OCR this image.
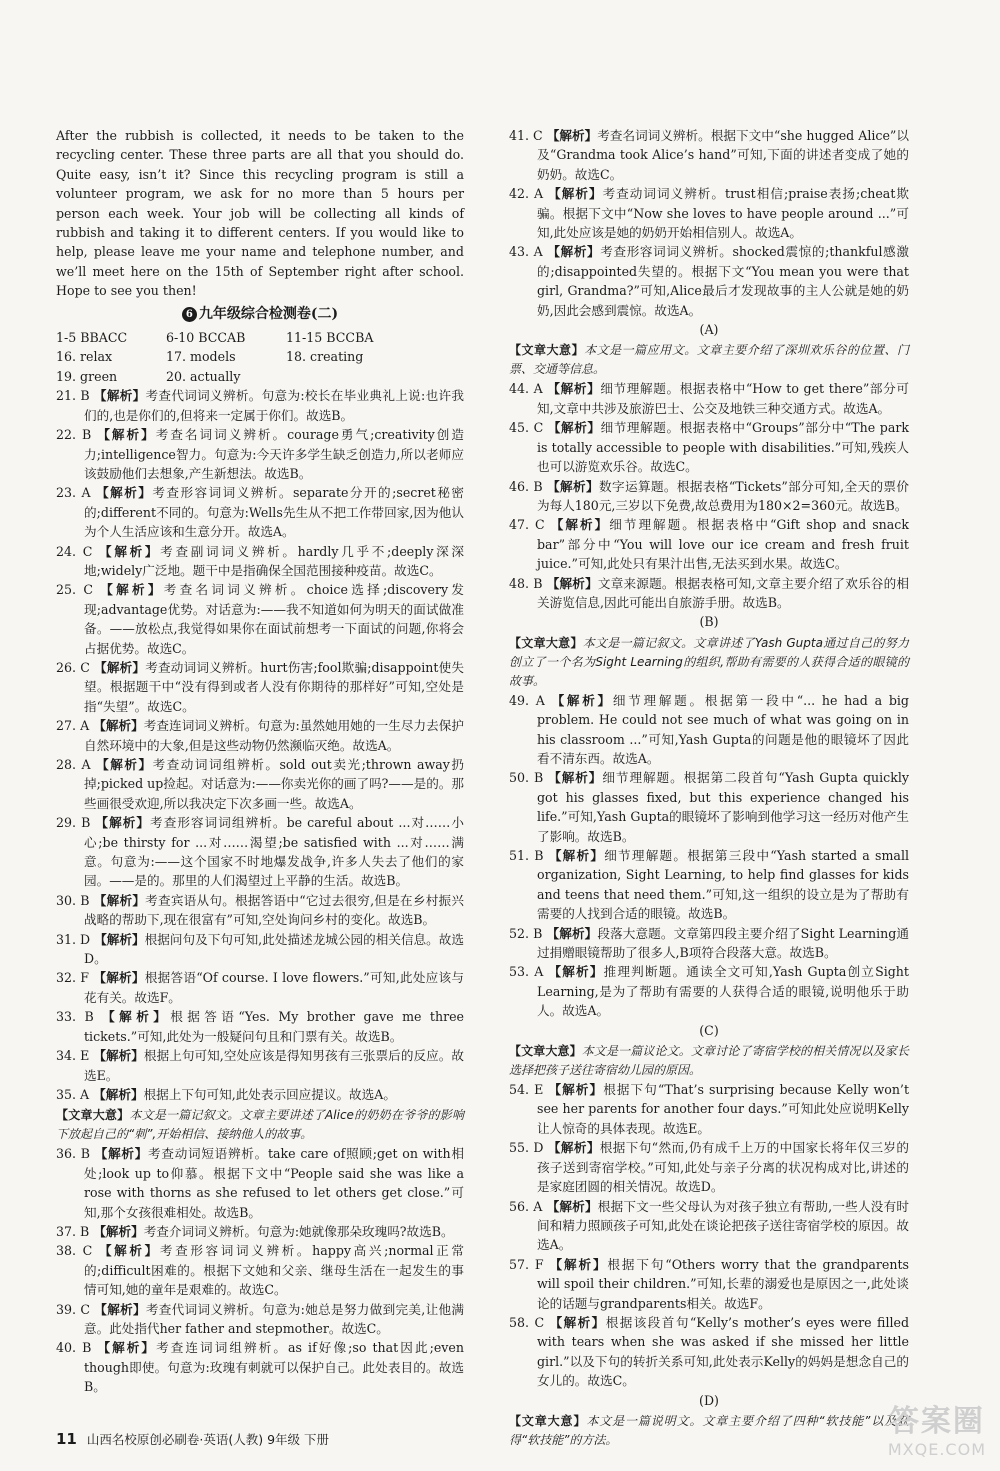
After the rubbish is collected, it needs to be taken to the recycling center. These three parts are all that you should do. Quite easy, isn’t it? Since this recycling program is still a volunteer program, we ask for no more than 5 hours per person each week. Your job will be collecting all kinds of rubbish and taking it to different centers. If you would like to help, please leave me your name and telephone number, and we’ll meet here on the 15th of September right after school. Hope to see you then!

6 九年级综合检测卷(二)
1-5 BBACC	6-10 BCCAB	11-15 BCCBA
16. relax	17. models	18. creating
19. green	20. actually

21. B 【解析】考查代词词义辨析。句意为:校长在毕业典礼上说:也许我们的,也是你们的,但将来一定属于你们。故选B。

22. B 【解析】考查名词词义辨析。courage勇气;creativity创造力;intelligence智力。句意为:今天许多学生缺乏创造力,所以老师应该鼓励他们去想象,产生新想法。故选B。

23. A 【解析】考查形容词词义辨析。separate分开的;secret秘密的;different不同的。句意为:Wells先生从不把工作带回家,因为他认为个人生活应该和生意分开。故选A。

24. C 【解析】考查副词词义辨析。hardly几乎不;deeply深深地;widely广泛地。题干中是指确保全国范围接种疫苗。故选C。

25. C 【解析】考查名词词义辨析。choice选择;discovery发现;advantage优势。对话意为:——我不知道如何为明天的面试做准备。——放松点,我觉得如果你在面试前想考一下面试的问题,你将会占据优势。故选C。

26. C 【解析】考查动词词义辨析。hurt伤害;fool欺骗;disappoint使失望。根据题干中“没有得到或者人没有你期待的那样好”可知,空处是指“失望”。故选C。

27. A 【解析】考查连词词义辨析。句意为:虽然她用她的一生尽力去保护自然环境中的大象,但是这些动物仍然濒临灭绝。故选A。

28. A 【解析】考查动词词组辨析。sold out卖光;thrown away扔掉;picked up捡起。对话意为:——你卖光你的画了吗?——是的。那些画很受欢迎,所以我决定下次多画一些。故选A。

29. B 【解析】考查形容词词组辨析。be careful about ...对……小心;be thirsty for ...对……渴望;be satisfied with ...对……满意。句意为:——这个国家不时地爆发战争,许多人失去了他们的家园。——是的。那里的人们渴望过上平静的生活。故选B。

30. B 【解析】考查宾语从句。根据答语中“它过去很穷,但是在乡村振兴战略的帮助下,现在很富有”可知,空处询问乡村的变化。故选B。

31. D 【解析】根据问句及下句可知,此处描述龙城公园的相关信息。故选D。

32. F 【解析】根据答语“Of course. I love flowers.”可知,此处应该与花有关。故选F。

33. B 【解析】根据答语“Yes. My brother gave me three tickets.”可知,此处为一般疑问句且和门票有关。故选B。

34. E 【解析】根据上句可知,空处应该是得知男孩有三张票后的反应。故选E。

35. A 【解析】根据上下句可知,此处表示回应提议。故选A。

【文章大意】本文是一篇记叙文。文章主要讲述了Alice的奶奶在爷爷的影响下放起自己的“刺”,开始相信、接纳他人的故事。

36. B 【解析】考查动词短语辨析。take care of照顾;get on with相处;look up to仰慕。根据下文中“People said she was like a rose with thorns as she refused to let others get close.”可知,那个女孩很难相处。故选B。

37. B 【解析】考查介词词义辨析。句意为:她就像那朵玫瑰吗?故选B。

38. C 【解析】考查形容词词义辨析。happy高兴;normal正常的;difficult困难的。根据下文她和父亲、继母生活在一起发生的事情可知,她的童年是艰难的。故选C。

39. C 【解析】考查代词词义辨析。句意为:她总是努力做到完美,让他满意。此处指代her father and stepmother。故选C。

40. B 【解析】考查连词词组辨析。as if好像;so that因此;even though即使。句意为:玫瑰有刺就可以保护自己。此处表目的。故选B。

41. C 【解析】考查名词词义辨析。根据下文中“she hugged Alice”以及“Grandma took Alice’s hand”可知,下面的讲述者变成了她的奶奶。故选C。

42. A 【解析】考查动词词义辨析。trust相信;praise表扬;cheat欺骗。根据下文中“Now she loves to have people around ...”可知,此处应该是她的奶奶开始相信别人。故选A。

43. A 【解析】考查形容词词义辨析。shocked震惊的;thankful感激的;disappointed失望的。根据下文“You mean you were that girl, Grandma?”可知,Alice最后才发现故事的主人公就是她的奶奶,因此会感到震惊。故选A。

(A)

【文章大意】本文是一篇应用文。文章主要介绍了深圳欢乐谷的位置、门票、交通等信息。

44. A 【解析】细节理解题。根据表格中“How to get there”部分可知,文章中共涉及旅游巴士、公交及地铁三种交通方式。故选A。

45. C 【解析】细节理解题。根据表格中“Groups”部分中“The park is totally accessible to people with disabilities.”可知,残疾人也可以游览欢乐谷。故选C。

46. B 【解析】数字运算题。根据表格“Tickets”部分可知,全天的票价为每人180元,三岁以下免费,故总费用为180×2=360元。故选B。

47. C 【解析】细节理解题。根据表格中“Gift shop and snack bar”部分中“You will love our ice cream and fresh fruit juice.”可知,此处只有果汁出售,无法买到水果。故选C。

48. B 【解析】文章来源题。根据表格可知,文章主要介绍了欢乐谷的相关游览信息,因此可能出自旅游手册。故选B。

(B)

【文章大意】本文是一篇记叙文。文章讲述了Yash Gupta通过自己的努力创立了一个名为Sight Learning的组织,帮助有需要的人获得合适的眼镜的故事。

49. A 【解析】细节理解题。根据第一段中“... he had a big problem. He could not see much of what was going on in his classroom ...”可知,Yash Gupta的问题是他的眼镜坏了因此看不清东西。故选A。

50. B 【解析】细节理解题。根据第二段首句“Yash Gupta quickly got his glasses fixed, but this experience changed his life.”可知,Yash Gupta的眼镜坏了影响到他学习这一经历对他产生了影响。故选B。

51. B 【解析】细节理解题。根据第三段中“Yash started a small organization, Sight Learning, to help find glasses for kids and teens that need them.”可知,这一组织的设立是为了帮助有需要的人找到合适的眼镜。故选B。

52. B 【解析】段落大意题。文章第四段主要介绍了Sight Learning通过捐赠眼镜帮助了很多人,B项符合段落大意。故选B。

53. A 【解析】推理判断题。通读全文可知,Yash Gupta创立Sight Learning,是为了帮助有需要的人获得合适的眼镜,说明他乐于助人。故选A。

(C)

【文章大意】本文是一篇议论文。文章讨论了寄宿学校的相关情况以及家长选择把孩子送往寄宿幼儿园的原因。

54. E 【解析】根据下句“That’s surprising because Kelly won’t see her parents for another four days.”可知此处应说明Kelly让人惊奇的具体表现。故选E。

55. D 【解析】根据下句“然而,仍有成千上万的中国家长将年仅三岁的孩子送到寄宿学校。”可知,此处与亲子分离的状况构成对比,讲述的是家庭团圆的相关情况。故选D。

56. A 【解析】根据下文一些父母认为对孩子独立有帮助,一些人没有时间和精力照顾孩子可知,此处在谈论把孩子送往寄宿学校的原因。故选A。

57. F 【解析】根据下句“Others worry that the grandparents will spoil their children.”可知,长辈的溺爱也是原因之一,此处谈论的话题与grandparents相关。故选F。

58. C 【解析】根据该段首句“Kelly’s mother’s eyes were filled with tears when she was asked if she missed her little girl.”以及下句的转折关系可知,此处表示Kelly的妈妈是想念自己的女儿的。故选C。

(D)

【文章大意】本文是一篇说明文。文章主要介绍了四种“软技能”以及获得“软技能”的方法。

11 山西名校原创必刷卷·英语(人教) 9年级 下册
答案圈
MXQE.COM
